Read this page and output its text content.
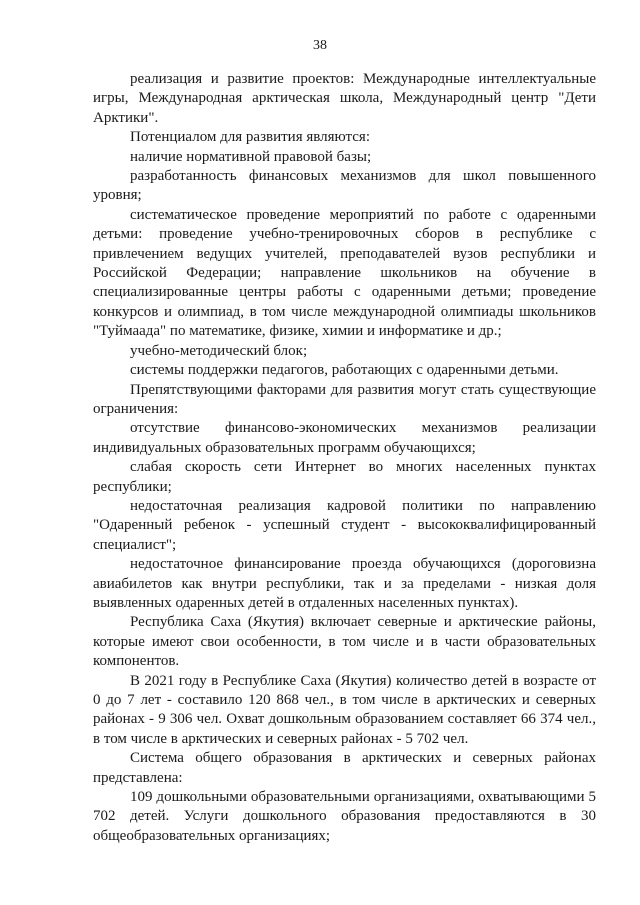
38

реализация и развитие проектов: Международные интеллектуальные игры, Международная арктическая школа, Международный центр "Дети Арктики".

Потенциалом для развития являются:

наличие нормативной правовой базы;

разработанность финансовых механизмов для школ повышенного уровня;

систематическое проведение мероприятий по работе с одаренными детьми: проведение учебно-тренировочных сборов в республике с привлечением ведущих учителей, преподавателей вузов республики и Российской Федерации; направление школьников на обучение в специализированные центры работы с одаренными детьми; проведение конкурсов и олимпиад, в том числе международной олимпиады школьников "Туймаада" по математике, физике, химии и информатике и др.;

учебно-методический блок;

системы поддержки педагогов, работающих с одаренными детьми.

Препятствующими факторами для развития могут стать существующие ограничения:

отсутствие финансово-экономических механизмов реализации индивидуальных образовательных программ обучающихся;

слабая скорость сети Интернет во многих населенных пунктах республики;

недостаточная реализация кадровой политики по направлению "Одаренный ребенок - успешный студент - высококвалифицированный специалист";

недостаточное финансирование проезда обучающихся (дороговизна авиабилетов как внутри республики, так и за пределами - низкая доля выявленных одаренных детей в отдаленных населенных пунктах).

Республика Саха (Якутия) включает северные и арктические районы, которые имеют свои особенности, в том числе и в части образовательных компонентов.

В 2021 году в Республике Саха (Якутия) количество детей в возрасте от 0 до 7 лет - составило 120 868 чел., в том числе в арктических и северных районах - 9 306 чел. Охват дошкольным образованием составляет 66 374 чел., в том числе в арктических и северных районах - 5 702 чел.

Система общего образования в арктических и северных районах представлена:

109 дошкольными образовательными организациями, охватывающими 5 702 детей. Услуги дошкольного образования предоставляются в 30 общеобразовательных организациях;
